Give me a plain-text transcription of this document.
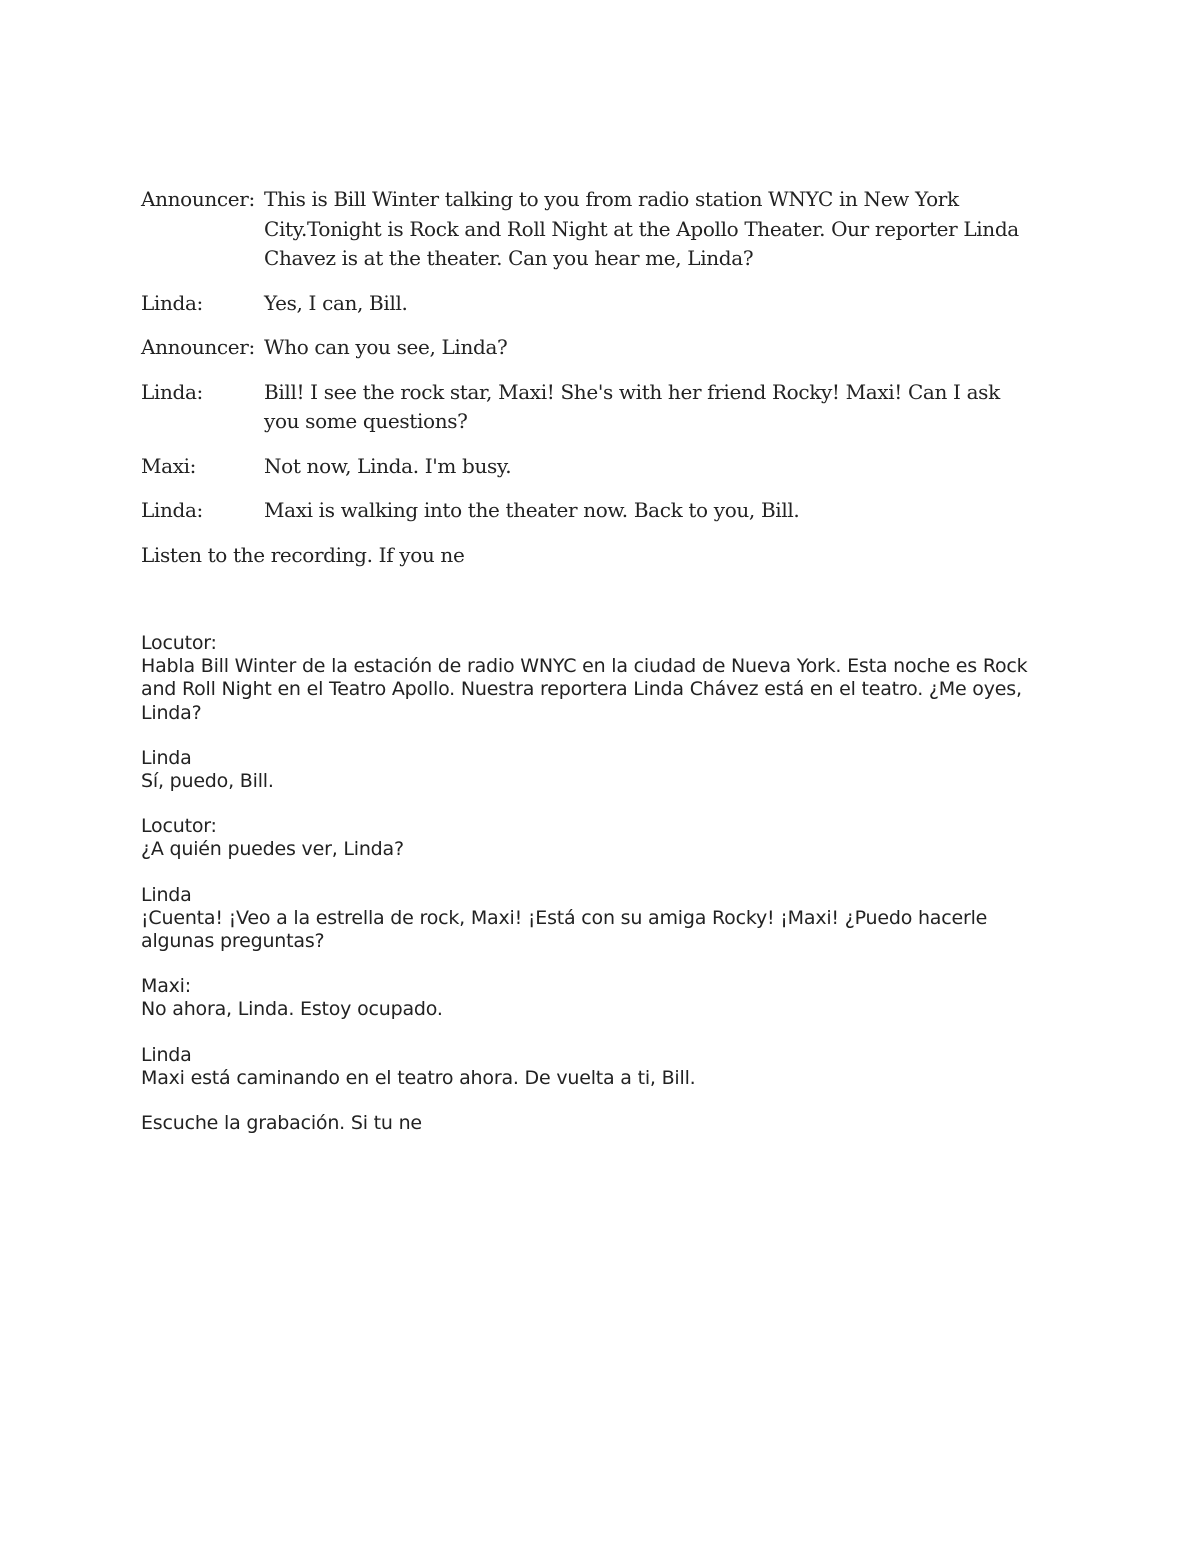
Announcer: This is Bill Winter talking to you from radio station WNYC in New York City.Tonight is Rock and Roll Night at the Apollo Theater. Our reporter Linda Chavez is at the theater. Can you hear me, Linda?
Linda:	Yes, I can, Bill.
Announcer: Who can you see, Linda?
Linda:	Bill! I see the rock star, Maxi! She's with her friend Rocky! Maxi! Can I ask you some questions?
Maxi:	Not now, Linda. I'm busy.
Linda:	Maxi is walking into the theater now. Back to you, Bill.

Listen to the recording. If you ne

Locutor:
Habla Bill Winter de la estación de radio WNYC en la ciudad de Nueva York. Esta noche es Rock and Roll Night en el Teatro Apollo. Nuestra reportera Linda Chávez está en el teatro. ¿Me oyes, Linda?
Linda
Sí, puedo, Bill.
Locutor:
¿A quién puedes ver, Linda?
Linda
¡Cuenta! ¡Veo a la estrella de rock, Maxi! ¡Está con su amiga Rocky! ¡Maxi! ¿Puedo hacerle algunas preguntas?
Maxi:
No ahora, Linda. Estoy ocupado.
Linda
Maxi está caminando en el teatro ahora. De vuelta a ti, Bill.

Escuche la grabación. Si tu ne
